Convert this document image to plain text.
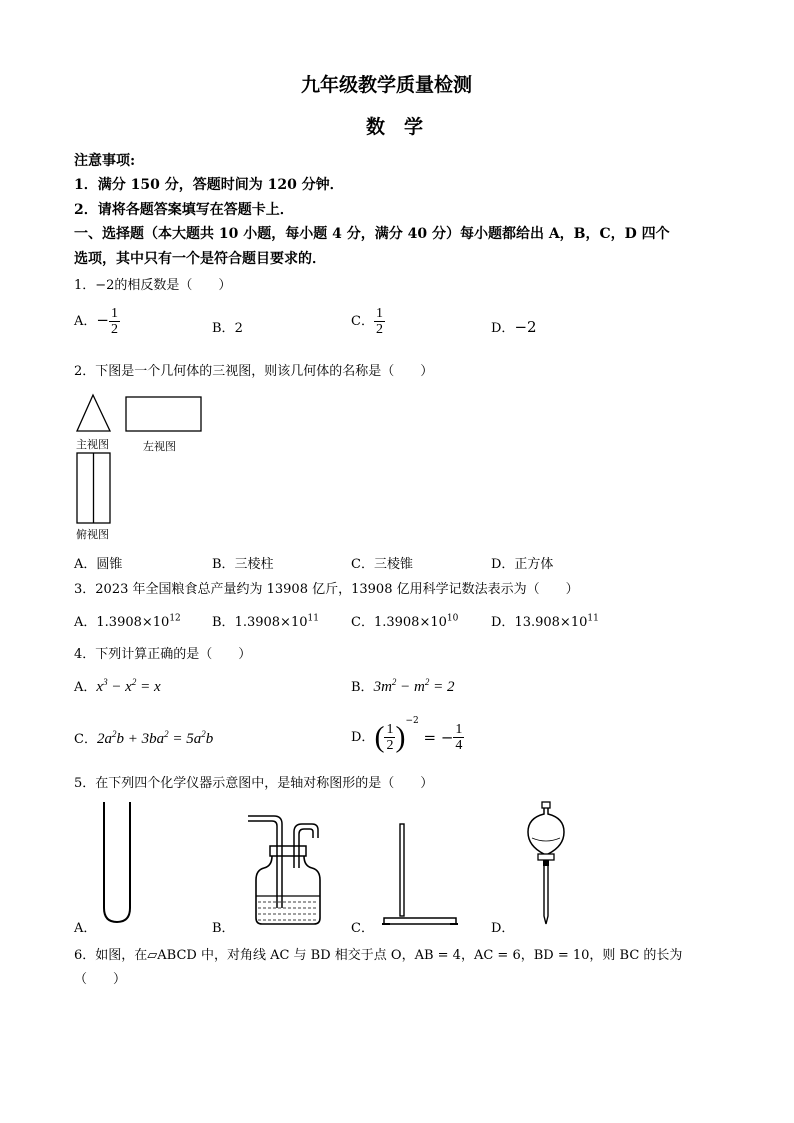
九年级教学质量检测
数　学
注意事项:
1．满分 150 分，答题时间为 120 分钟．
2．请将各题答案填写在答题卡上．
一、选择题（本大题共 10 小题，每小题 4 分，满分 40 分）每小题都给出 A，B，C，D 四个
选项，其中只有一个是符合题目要求的．
1．−2的相反数是（　　）
A．− $\frac{1}{2}$	B．2	C． $\frac{1}{2}$	D．−2
2．下图是一个几何体的三视图，则该几何体的名称是（　　）
主视图	左视图
俯视图
A．圆锥	B．三棱柱	C．三棱锥	D．正方体
3．2023 年全国粮食总产量约为 13908 亿斤，13908 亿用科学记数法表示为（　　）
A．$1.3908\times 10^{12}$ B．$1.3908\times 10^{11}$ C．$1.3908\times 10^{10}$	D．$13.908\times 10^{11}$
4．下列计算正确的是（　　）
A．$x^3 - x^2 = x$	B．$3m^2 - m^2 = 2$
C．$2a^2b + 3ba^2 = 5a^2b$	D．( $\frac{1}{2} )^{-2}$ = − $\frac{1}{4}$
5．在下列四个化学仪器示意图中，是轴对称图形的是（　　）
A．	B．	C．	D．
6．如图，在▱ABCD 中，对角线 AC 与 BD 相交于点 O，AB = 4，AC = 6，BD = 10，则 BC 的长为
（　　）
